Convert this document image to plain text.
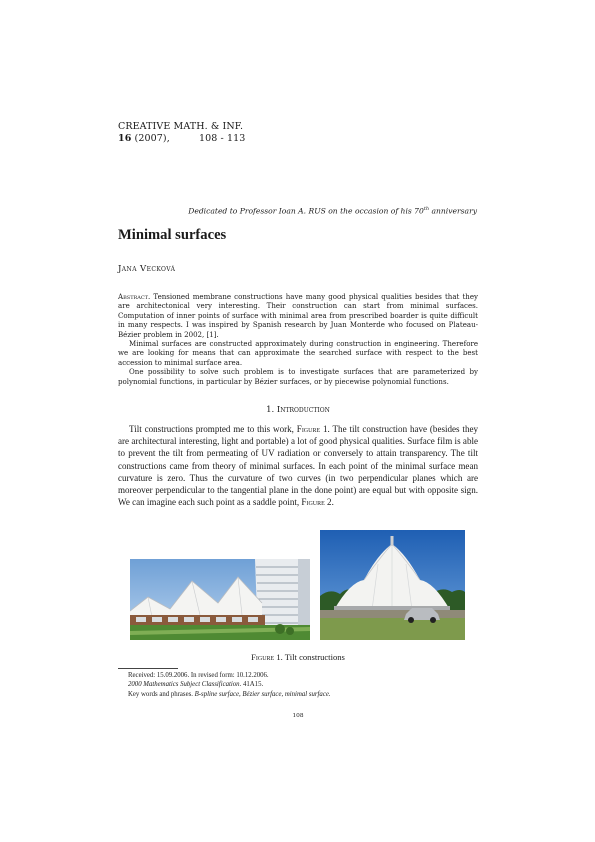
CREATIVE MATH. & INF.
16 (2007),	108 - 113
Dedicated to Professor Ioan A. RUS on the occasion of his 70th anniversary
Minimal surfaces
Jana Vecková

Abstract. Tensioned membrane constructions have many good physical qualities besides that they are architectonical very interesting. Their construction can start from minimal surfaces. Computation of inner points of surface with minimal area from prescribed boarder is quite difficult in many respects. I was inspired by Spanish research by Juan Monterde who focused on Plateau-Bézier problem in 2002, [1].

Minimal surfaces are constructed approximately during construction in engineering. Therefore we are looking for means that can approximate the searched surface with respect to the best accession to minimal surface area.

One possibility to solve such problem is to investigate surfaces that are parameterized by polynomial functions, in particular by Bézier surfaces, or by piecewise polynomial functions.

1. Introduction
Tilt constructions prompted me to this work, Figure 1. The tilt construction have (besides they are architectural interesting, light and portable) a lot of good physical qualities. Surface film is able to prevent the tilt from permeating of UV radiation or conversely to attain transparency. The tilt constructions came from theory of minimal surfaces. In each point of the minimal surface mean curvature is zero. Thus the curvature of two curves (in two perpendicular planes which are moreover perpendicular to the tangential plane in the done point) are equal but with opposite sign. We can imagine each such point as a saddle point, Figure 2.
Figure 1. Tilt constructions
Received: 15.09.2006. In revised form: 10.12.2006.
2000 Mathematics Subject Classification. 41A15.
Key words and phrases. B-spline surface, Bézier surface, minimal surface.
108
